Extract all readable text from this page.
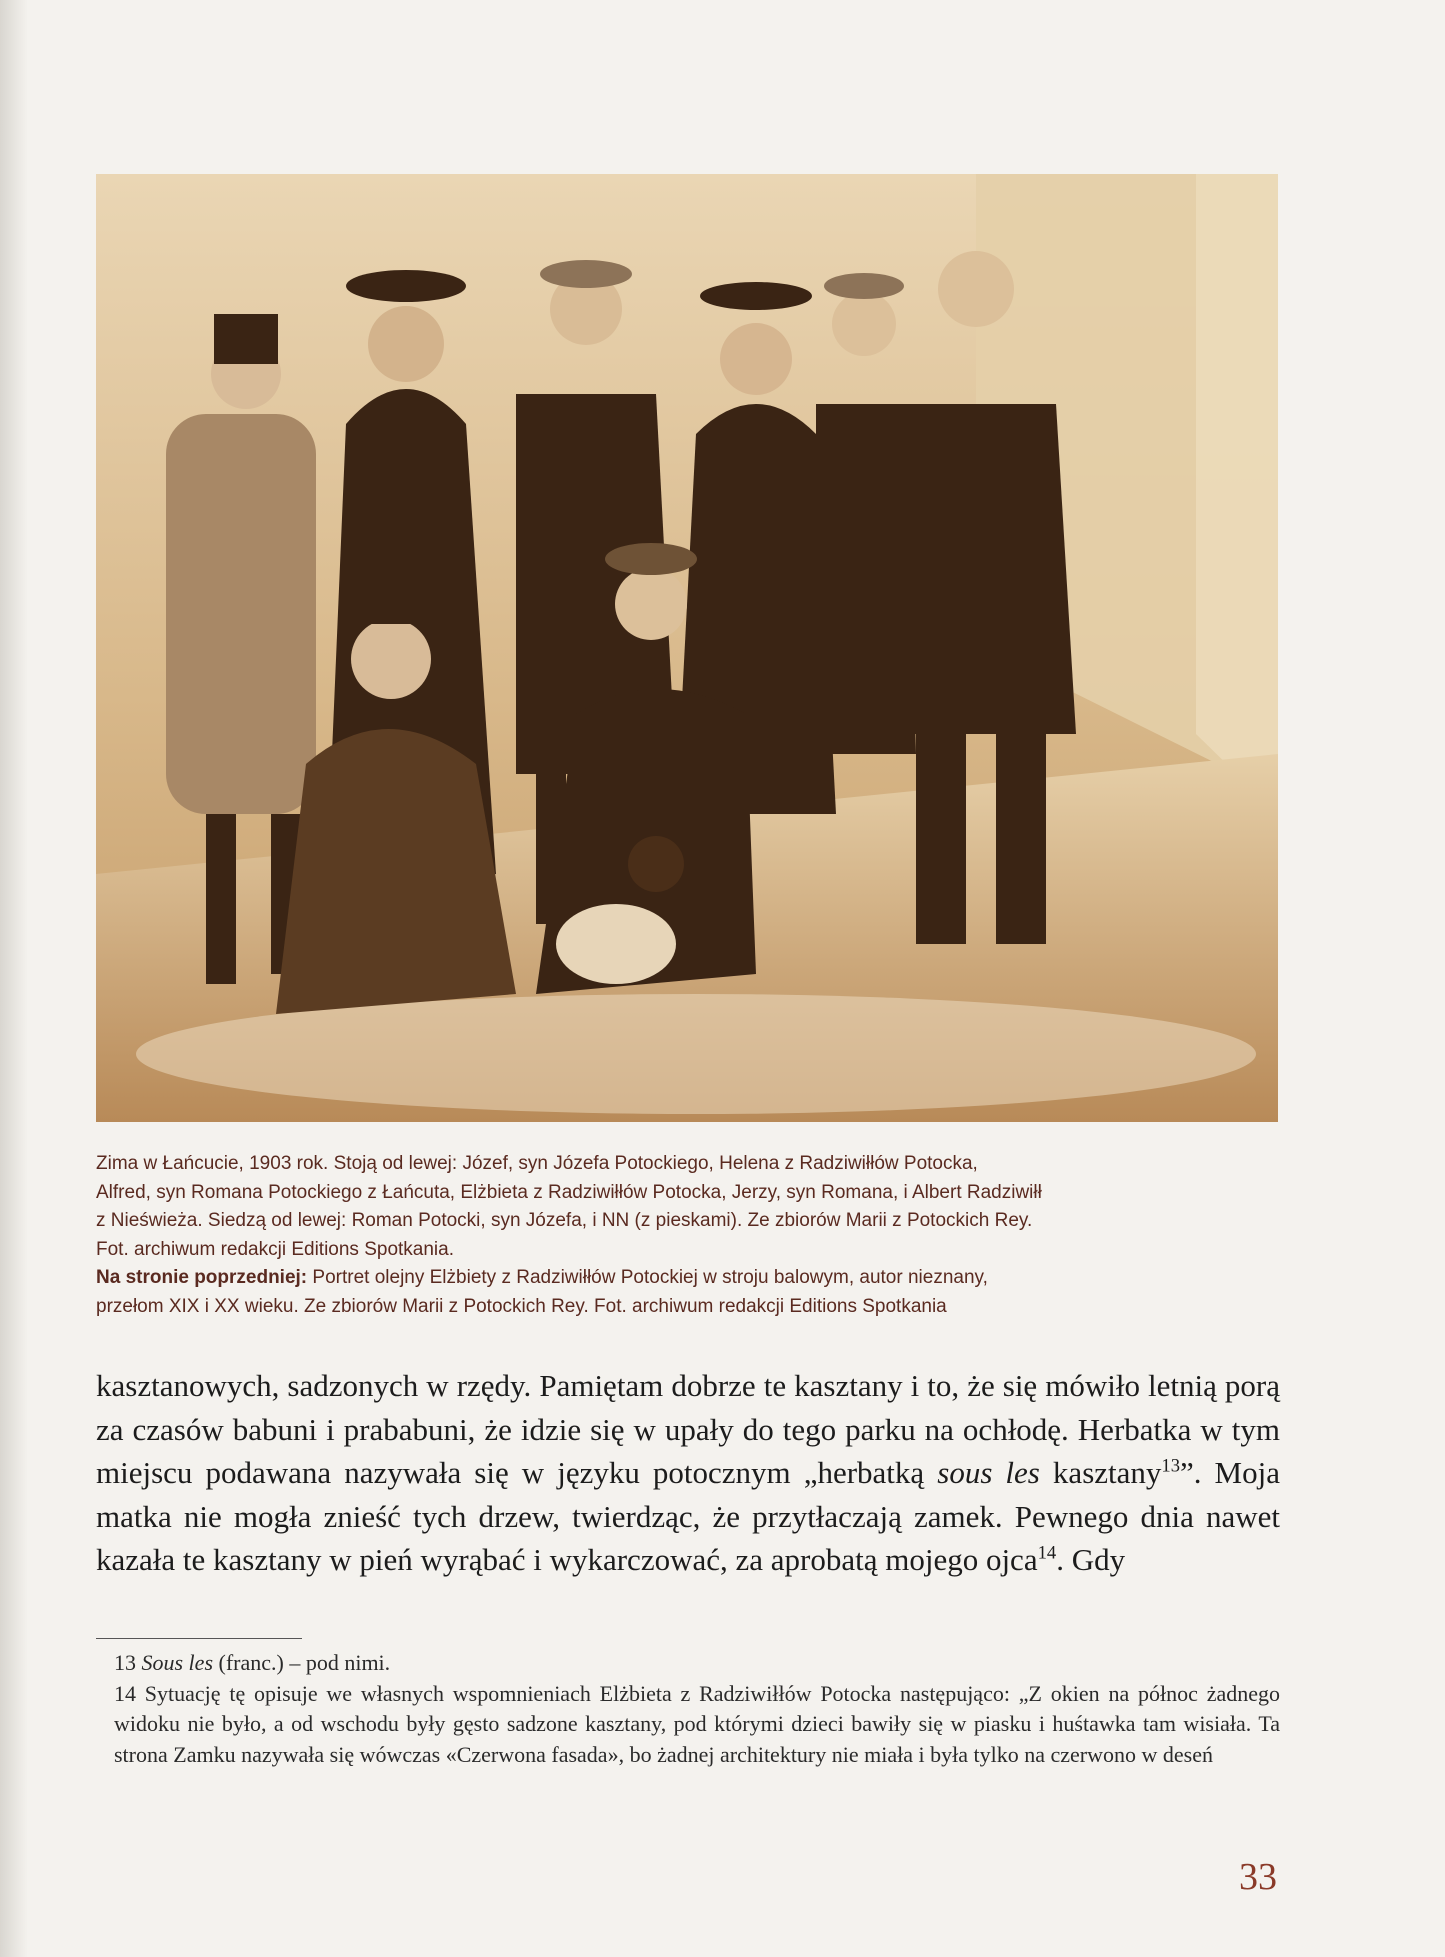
Zima w Łańcucie, 1903 rok. Stoją od lewej: Józef, syn Józefa Potockiego, Helena z Radziwiłłów Potocka,

Alfred, syn Romana Potockiego z Łańcuta, Elżbieta z Radziwiłłów Potocka, Jerzy, syn Romana, i Albert Radziwiłł

z Nieświeża. Siedzą od lewej: Roman Potocki, syn Józefa, i NN (z pieskami). Ze zbiorów Marii z Potockich Rey.

Fot. archiwum redakcji Editions Spotkania.

Na stronie poprzedniej: Portret olejny Elżbiety z Radziwiłłów Potockiej w stroju balowym, autor nieznany,

przełom XIX i XX wieku. Ze zbiorów Marii z Potockich Rey. Fot. archiwum redakcji Editions Spotkania

kasztanowych, sadzonych w rzędy. Pamiętam dobrze te kasztany i to, że się mówiło letnią porą za czasów babuni i prababuni, że idzie się w upały do tego parku na ochłodę. Herbatka w tym miejscu podawana nazywała się w języku potocznym „herbatką sous les kasztany$^{13}$”. Moja matka nie mogła znieść tych drzew, twierdząc, że przytłaczają zamek. Pewnego dnia nawet kazała te kasztany w pień wyrąbać i wykarczować, za aprobatą mojego ojca$^{14}$. Gdy

13 Sous les (franc.) – pod nimi.

14 Sytuację tę opisuje we własnych wspomnieniach Elżbieta z Radziwiłłów Potocka następująco: „Z okien na północ żadnego widoku nie było, a od wschodu były gęsto sadzone kasztany, pod którymi dzieci bawiły się w piasku i huśtawka tam wisiała. Ta strona Zamku nazywała się wówczas «Czerwona fasada», bo żadnej architektury nie miała i była tylko na czerwono w deseń

33
